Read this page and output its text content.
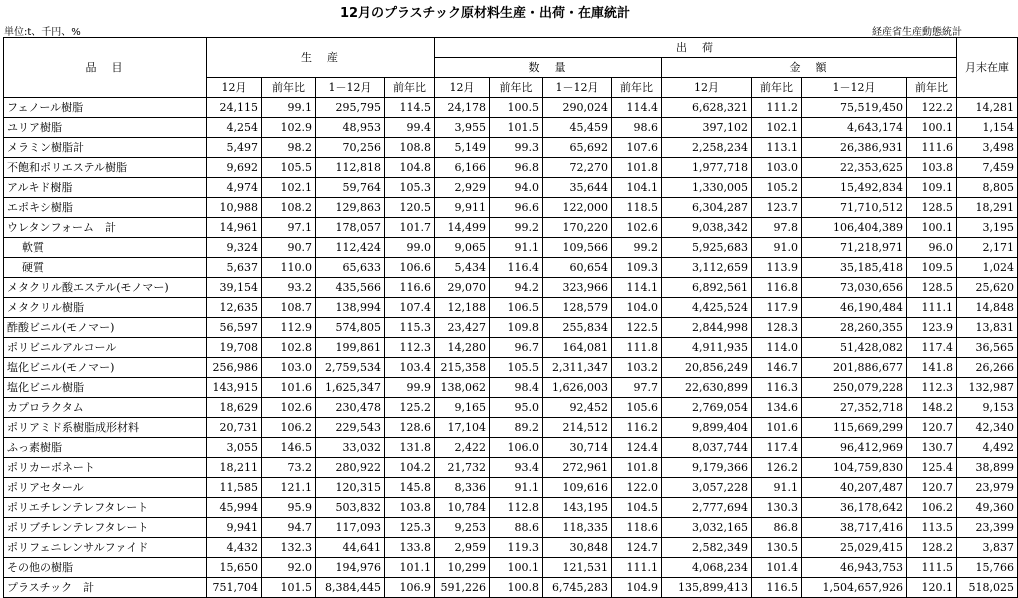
12月のプラスチック原材料生産・出荷・在庫統計
単位:t、千円、%	経産省生産動態統計
品　目	生　産				出　荷								月末在庫
					数　量				金　額				
	12月	前年比	1－12月	前年比	12月	前年比	1－12月	前年比	12月	前年比	1－12月	前年比	
フェノール樹脂	24,115	99.1	295,795	114.5	24,178	100.5	290,024	114.4	6,628,321	111.2	75,519,450	122.2	14,281
ユリア樹脂	4,254	102.9	48,953	99.4	3,955	101.5	45,459	98.6	397,102	102.1	4,643,174	100.1	1,154
メラミン樹脂計	5,497	98.2	70,256	108.8	5,149	99.3	65,692	107.6	2,258,234	113.1	26,386,931	111.6	3,498
不飽和ポリエステル樹脂	9,692	105.5	112,818	104.8	6,166	96.8	72,270	101.8	1,977,718	103.0	22,353,625	103.8	7,459
アルキド樹脂	4,974	102.1	59,764	105.3	2,929	94.0	35,644	104.1	1,330,005	105.2	15,492,834	109.1	8,805
エポキシ樹脂	10,988	108.2	129,863	120.5	9,911	96.6	122,000	118.5	6,304,287	123.7	71,710,512	128.5	18,291
ウレタンフォーム　計	14,961	97.1	178,057	101.7	14,499	99.2	170,220	102.6	9,038,342	97.8	106,404,389	100.1	3,195
軟質	9,324	90.7	112,424	99.0	9,065	91.1	109,566	99.2	5,925,683	91.0	71,218,971	96.0	2,171
硬質	5,637	110.0	65,633	106.6	5,434	116.4	60,654	109.3	3,112,659	113.9	35,185,418	109.5	1,024
メタクリル酸エステル(モノマー)	39,154	93.2	435,566	116.6	29,070	94.2	323,966	114.1	6,892,561	116.8	73,030,656	128.5	25,620
メタクリル樹脂	12,635	108.7	138,994	107.4	12,188	106.5	128,579	104.0	4,425,524	117.9	46,190,484	111.1	14,848
酢酸ビニル(モノマー)	56,597	112.9	574,805	115.3	23,427	109.8	255,834	122.5	2,844,998	128.3	28,260,355	123.9	13,831
ポリビニルアルコール	19,708	102.8	199,861	112.3	14,280	96.7	164,081	111.8	4,911,935	114.0	51,428,082	117.4	36,565
塩化ビニル(モノマー)	256,986	103.0	2,759,534	103.4	215,358	105.5	2,311,347	103.2	20,856,249	146.7	201,886,677	141.8	26,266
塩化ビニル樹脂	143,915	101.6	1,625,347	99.9	138,062	98.4	1,626,003	97.7	22,630,899	116.3	250,079,228	112.3	132,987
カプロラクタム	18,629	102.6	230,478	125.2	9,165	95.0	92,452	105.6	2,769,054	134.6	27,352,718	148.2	9,153
ポリアミド系樹脂成形材料	20,731	106.2	229,543	128.6	17,104	89.2	214,512	116.2	9,899,404	101.6	115,669,299	120.7	42,340
ふっ素樹脂	3,055	146.5	33,032	131.8	2,422	106.0	30,714	124.4	8,037,744	117.4	96,412,969	130.7	4,492
ポリカーボネート	18,211	73.2	280,922	104.2	21,732	93.4	272,961	101.8	9,179,366	126.2	104,759,830	125.4	38,899
ポリアセタール	11,585	121.1	120,315	145.8	8,336	91.1	109,616	122.0	3,057,228	91.1	40,207,487	120.7	23,979
ポリエチレンテレフタレート	45,994	95.9	503,832	103.8	10,784	112.8	143,195	104.5	2,777,694	130.3	36,178,642	106.2	49,360
ポリブチレンテレフタレート	9,941	94.7	117,093	125.3	9,253	88.6	118,335	118.6	3,032,165	86.8	38,717,416	113.5	23,399
ポリフェニレンサルファイド	4,432	132.3	44,641	133.8	2,959	119.3	30,848	124.7	2,582,349	130.5	25,029,415	128.2	3,837
その他の樹脂	15,650	92.0	194,976	101.1	10,299	100.1	121,531	111.1	4,068,234	101.4	46,943,753	111.5	15,766
プラスチック　計	751,704	101.5	8,384,445	106.9	591,226	100.8	6,745,283	104.9	135,899,413	116.5	1,504,657,926	120.1	518,025
